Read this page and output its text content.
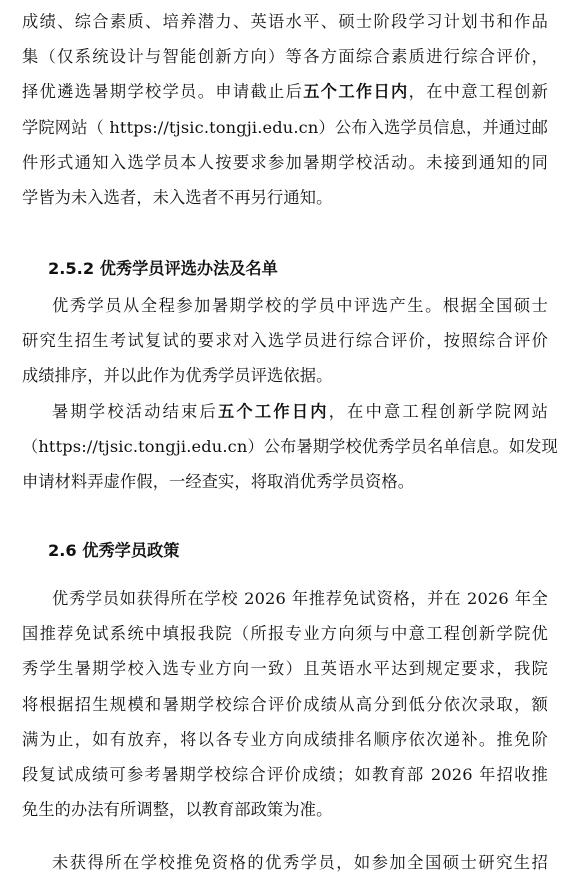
成绩、综合素质、培养潜力、英语水平、硕士阶段学习计划书和作品
集（仅系统设计与智能创新方向）等各方面综合素质进行综合评价，
择优遴选暑期学校学员。申请截止后五个工作日内，在中意工程创新
学院网站（ https://tjsic.tongji.edu.cn）公布入选学员信息，并通过邮
件形式通知入选学员本人按要求参加暑期学校活动。未接到通知的同
学皆为未入选者，未入选者不再另行通知。
2.5.2 优秀学员评选办法及名单
优秀学员从全程参加暑期学校的学员中评选产生。根据全国硕士
研究生招生考试复试的要求对入选学员进行综合评价，按照综合评价
成绩排序，并以此作为优秀学员评选依据。
暑期学校活动结束后五个工作日内，在中意工程创新学院网站
（https://tjsic.tongji.edu.cn）公布暑期学校优秀学员名单信息。如发现
申请材料弄虚作假，一经查实，将取消优秀学员资格。
2.6 优秀学员政策
优秀学员如获得所在学校 2026 年推荐免试资格，并在 2026 年全
国推荐免试系统中填报我院（所报专业方向须与中意工程创新学院优
秀学生暑期学校入选专业方向一致）且英语水平达到规定要求，我院
将根据招生规模和暑期学校综合评价成绩从高分到低分依次录取，额
满为止，如有放弃，将以各专业方向成绩排名顺序依次递补。推免阶
段复试成绩可参考暑期学校综合评价成绩；如教育部 2026 年招收推
免生的办法有所调整，以教育部政策为准。
未获得所在学校推免资格的优秀学员，如参加全国硕士研究生招
